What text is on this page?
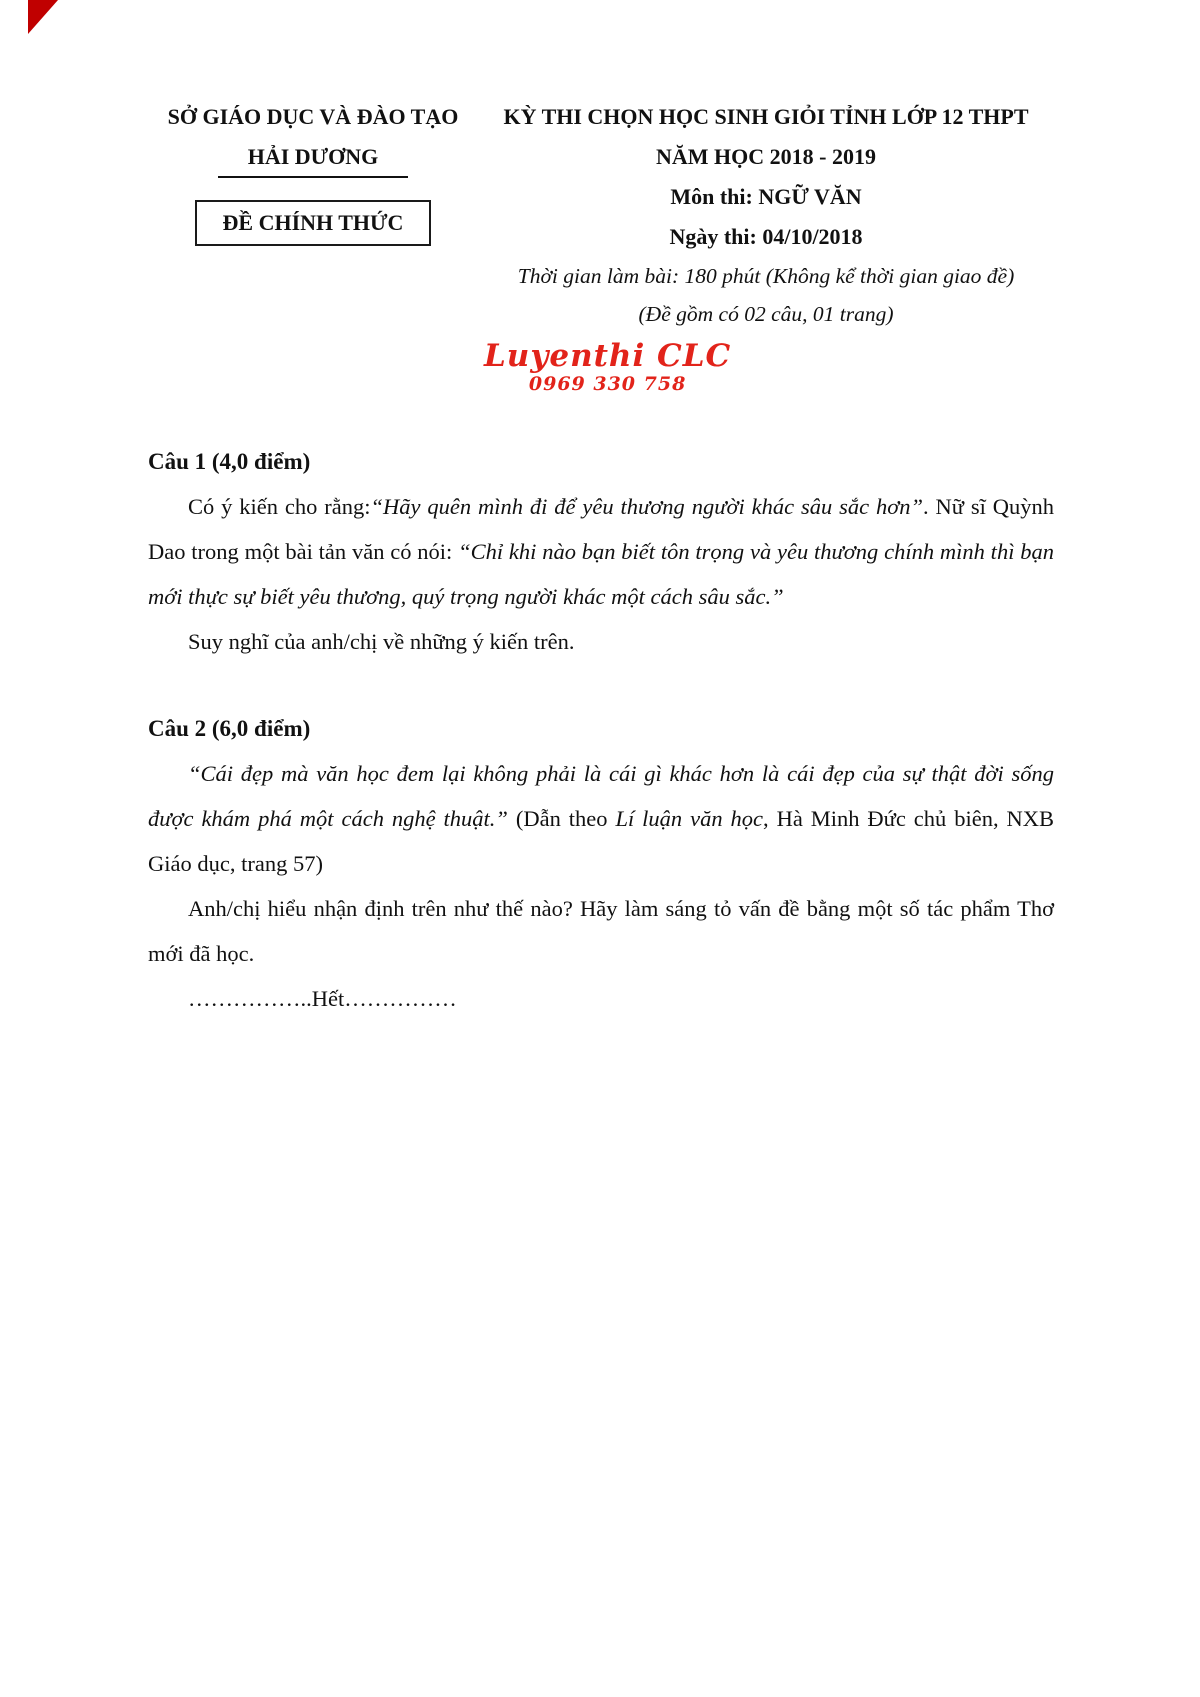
SỞ GIÁO DỤC VÀ ĐÀO TẠO
HẢI DƯƠNG
ĐỀ CHÍNH THỨC
KỲ THI CHỌN HỌC SINH GIỎI TỈNH LỚP 12 THPT
NĂM HỌC 2018 - 2019
Môn thi: NGỮ VĂN
Ngày thi: 04/10/2018
Thời gian làm bài: 180 phút (Không kể thời gian giao đề)
(Đề gồm có 02 câu, 01 trang)
Luyenthi CLC
0969 330 758
Câu 1 (4,0 điểm)

Có ý kiến cho rằng:“Hãy quên mình đi để yêu thương người khác sâu sắc hơn”. Nữ sĩ Quỳnh Dao trong một bài tản văn có nói: “Chỉ khi nào bạn biết tôn trọng và yêu thương chính mình thì bạn mới thực sự biết yêu thương, quý trọng người khác một cách sâu sắc.”

Suy nghĩ của anh/chị về những ý kiến trên.

Câu 2 (6,0 điểm)

“Cái đẹp mà văn học đem lại không phải là cái gì khác hơn là cái đẹp của sự thật đời sống được khám phá một cách nghệ thuật.” (Dẫn theo Lí luận văn học, Hà Minh Đức chủ biên, NXB Giáo dục, trang 57)

Anh/chị hiểu nhận định trên như thế nào? Hãy làm sáng tỏ vấn đề bằng một số tác phẩm Thơ mới đã học.

……………..Hết……………
